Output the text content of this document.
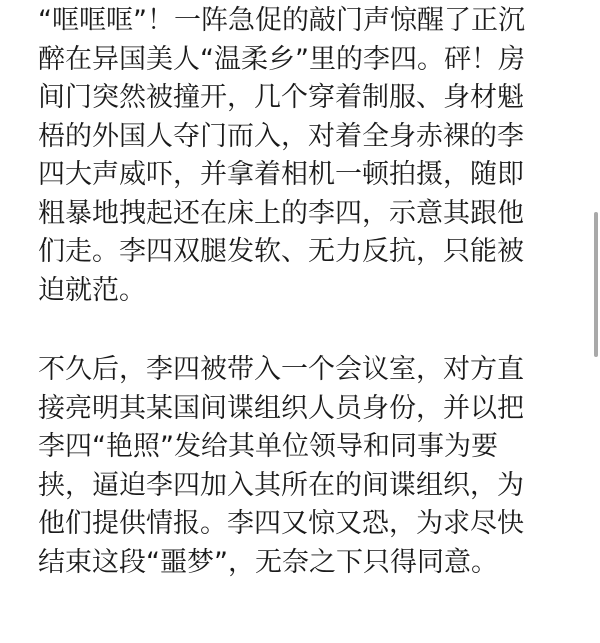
“哐哐哐”！一阵急促的敲门声惊醒了正沉
醉在异国美人“温柔乡”里的李四。砰！房
间门突然被撞开，几个穿着制服、身材魁
梧的外国人夺门而入，对着全身赤裸的李
四大声威吓，并拿着相机一顿拍摄，随即
粗暴地拽起还在床上的李四，示意其跟他
们走。李四双腿发软、无力反抗，只能被
迫就范。
不久后，李四被带入一个会议室，对方直
接亮明其某国间谍组织人员身份，并以把
李四“艳照”发给其单位领导和同事为要
挟，逼迫李四加入其所在的间谍组织，为
他们提供情报。李四又惊又恐，为求尽快
结束这段“噩梦”，无奈之下只得同意。
